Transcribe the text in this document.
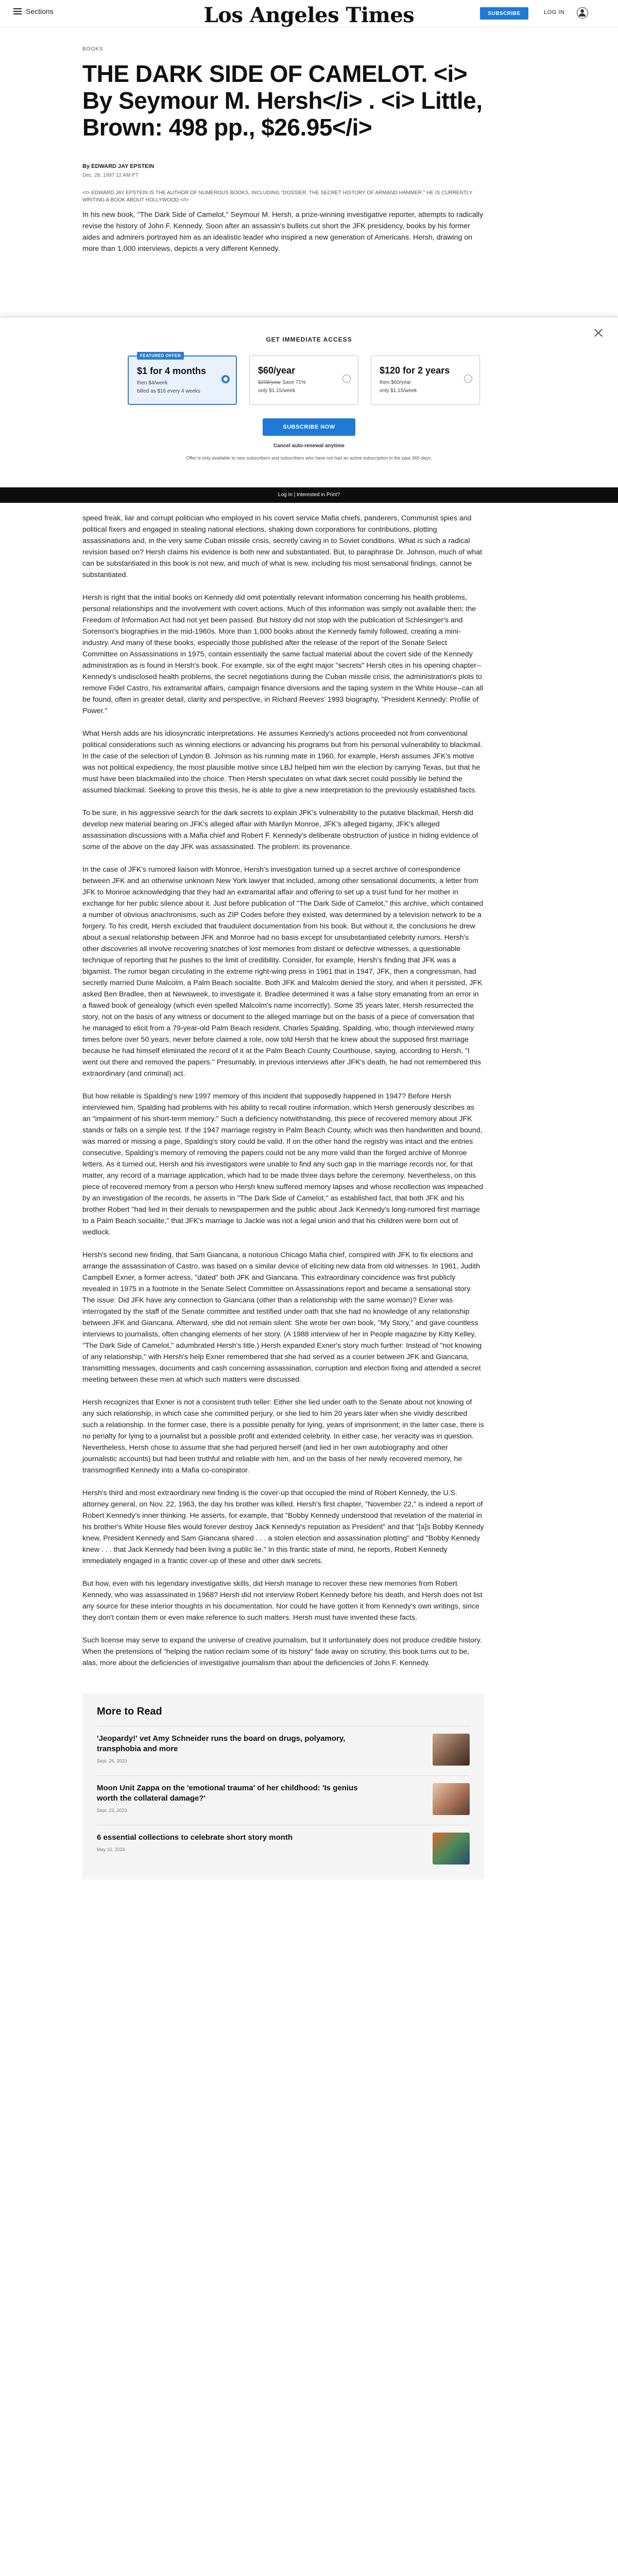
Sections	Los Angeles Times	SUBSCRIBE	LOG IN
BOOKS
THE DARK SIDE OF CAMELOT. <i> By Seymour M. Hersh</i> . <i> Little, Brown: 498 pp., $26.95</i>
By EDWARD JAY EPSTEIN
Dec. 28, 1997 12 AM PT
<I> EDWARD JAY EPSTEIN IS THE AUTHOR OF NUMEROUS BOOKS, INCLUDING "DOSSIER: THE SECRET HISTORY OF ARMAND HAMMER." HE IS CURRENTLY WRITING A BOOK ABOUT HOLLYWOOD.</I>

In his new book, "The Dark Side of Camelot," Seymour M. Hersh, a prize-winning investigative reporter, attempts to radically revise the history of John F. Kennedy. Soon after an assassin's bullets cut short the JFK presidency, books by his former aides and admirers portrayed him as an idealistic leader who inspired a new generation of Americans. Hersh, drawing on more than 1,000 interviews, depicts a very different Kennedy.

GET IMMEDIATE ACCESS
FEATURED OFFER
$1 for 4 months
then $4/week
billed as $16 every 4 weeks
$60/year
$208/year Save 71%
only $1.15/week
$120 for 2 years
then $60/year
only $1.15/week
SUBSCRIBE NOW
Cancel auto-renewal anytime
Offer is only available to new subscribers and subscribers who have not had an active subscription in the past 365 days.
Log In | Interested in Print?

speed freak, liar and corrupt politician who employed in his covert service Mafia chiefs, panderers, Communist spies and political fixers and engaged in stealing national elections, shaking down corporations for contributions, plotting assassinations and, in the very same Cuban missile crisis, secretly caving in to Soviet conditions. What is such a radical revision based on? Hersh claims his evidence is both new and substantiated. But, to paraphrase Dr. Johnson, much of what can be substantiated in this book is not new, and much of what is new, including his most sensational findings, cannot be substantiated.

Hersh is right that the initial books on Kennedy did omit potentially relevant information concerning his health problems, personal relationships and the involvement with covert actions. Much of this information was simply not available then; the Freedom of Information Act had not yet been passed. But history did not stop with the publication of Schlesinger's and Sorenson's biographies in the mid-1960s. More than 1,000 books about the Kennedy family followed, creating a mini-industry. And many of these books, especially those published after the release of the report of the Senate Select Committee on Assassinations in 1975, contain essentially the same factual material about the covert side of the Kennedy administration as is found in Hersh's book. For example, six of the eight major "secrets" Hersh cites in his opening chapter--Kennedy's undisclosed health problems, the secret negotiations during the Cuban missile crisis, the administration's plots to remove Fidel Castro, his extramarital affairs, campaign finance diversions and the taping system in the White House--can all be found, often in greater detail, clarity and perspective, in Richard Reeves' 1993 biography, "President Kennedy: Profile of Power."

What Hersh adds are his idiosyncratic interpretations. He assumes Kennedy's actions proceeded not from conventional political considerations such as winning elections or advancing his programs but from his personal vulnerability to blackmail. In the case of the selection of Lyndon B. Johnson as his running mate in 1960, for example, Hersh assumes JFK's motive was not political expediency, the most plausible motive since LBJ helped him win the election by carrying Texas, but that he must have been blackmailed into the choice. Then Hersh speculates on what dark secret could possibly lie behind the assumed blackmail. Seeking to prove this thesis, he is able to give a new interpretation to the previously established facts.

To be sure, in his aggressive search for the dark secrets to explain JFK's vulnerability to the putative blackmail, Hersh did develop new material bearing on JFK's alleged affair with Marilyn Monroe, JFK's alleged bigamy, JFK's alleged assassination discussions with a Mafia chief and Robert F. Kennedy's deliberate obstruction of justice in hiding evidence of some of the above on the day JFK was assassinated. The problem: its provenance.

In the case of JFK's rumored liaison with Monroe, Hersh's investigation turned up a secret archive of correspondence between JFK and an otherwise unknown New York lawyer that included, among other sensational documents, a letter from JFK to Monroe acknowledging that they had an extramarital affair and offering to set up a trust fund for her mother in exchange for her public silence about it. Just before publication of "The Dark Side of Camelot," this archive, which contained a number of obvious anachronisms, such as ZIP Codes before they existed, was determined by a television network to be a forgery. To his credit, Hersh excluded that fraudulent documentation from his book. But without it, the conclusions he drew about a sexual relationship between JFK and Monroe had no basis except for unsubstantiated celebrity rumors. Hersh's other discoveries all involve recovering snatches of lost memories from distant or defective witnesses, a questionable technique of reporting that he pushes to the limit of credibility. Consider, for example, Hersh's finding that JFK was a bigamist. The rumor began circulating in the extreme right-wing press in 1961 that in 1947, JFK, then a congressman, had secretly married Durie Malcolm, a Palm Beach socialite. Both JFK and Malcolm denied the story, and when it persisted, JFK asked Ben Bradlee, then at Newsweek, to investigate it. Bradlee determined it was a false story emanating from an error in a flawed book of genealogy (which even spelled Malcolm's name incorrectly). Some 35 years later, Hersh resurrected the story, not on the basis of any witness or document to the alleged marriage but on the basis of a piece of conversation that he managed to elicit from a 79-year-old Palm Beach resident, Charles Spalding. Spalding, who, though interviewed many times before over 50 years, never before claimed a role, now told Hersh that he knew about the supposed first marriage because he had himself eliminated the record of it at the Palm Beach County Courthouse, saying, according to Hersh, "I went out there and removed the papers." Presumably, in previous interviews after JFK's death, he had not remembered this extraordinary (and criminal) act.

But how reliable is Spalding's new 1997 memory of this incident that supposedly happened in 1947? Before Hersh interviewed him, Spalding had problems with his ability to recall routine information, which Hersh generously describes as an "impairment of his short-term memory." Such a deficiency notwithstanding, this piece of recovered memory about JFK stands or falls on a simple test. If the 1947 marriage registry in Palm Beach County, which was then handwritten and bound, was marred or missing a page, Spalding's story could be valid. If on the other hand the registry was intact and the entries consecutive, Spalding's memory of removing the papers could not be any more valid than the forged archive of Monroe letters. As it turned out, Hersh and his investigators were unable to find any such gap in the marriage records nor, for that matter, any record of a marriage application, which had to be made three days before the ceremony. Nevertheless, on this piece of recovered memory from a person who Hersh knew suffered memory lapses and whose recollection was impeached by an investigation of the records, he asserts in "The Dark Side of Camelot," as established fact, that both JFK and his brother Robert "had lied in their denials to newspapermen and the public about Jack Kennedy's long-rumored first marriage to a Palm Beach socialite," that JFK's marriage to Jackie was not a legal union and that his children were born out of wedlock.

Hersh's second new finding, that Sam Giancana, a notorious Chicago Mafia chief, conspired with JFK to fix elections and arrange the assassination of Castro, was based on a similar device of eliciting new data from old witnesses. In 1961, Judith Campbell Exner, a former actress, "dated" both JFK and Giancana. This extraordinary coincidence was first publicly revealed in 1975 in a footnote in the Senate Select Committee on Assassinations report and became a sensational story. The issue: Did JFK have any connection to Giancana (other than a relationship with the same woman)? Exner was interrogated by the staff of the Senate committee and testified under oath that she had no knowledge of any relationship between JFK and Giancana. Afterward, she did not remain silent: She wrote her own book, "My Story," and gave countless interviews to journalists, often changing elements of her story. (A 1988 interview of her in People magazine by Kitty Kelley, "The Dark Side of Camelot," adumbrated Hersh's title.) Hersh expanded Exner's story much further: Instead of "not knowing of any relationship," with Hersh's help Exner remembered that she had served as a courier between JFK and Giancana, transmitting messages, documents and cash concerning assassination, corruption and election fixing and attended a secret meeting between these men at which such matters were discussed.

Hersh recognizes that Exner is not a consistent truth teller: Either she lied under oath to the Senate about not knowing of any such relationship, in which case she committed perjury, or she lied to him 20 years later when she vividly described such a relationship. In the former case, there is a possible penalty for lying, years of imprisonment; in the latter case, there is no penalty for lying to a journalist but a possible profit and extended celebrity. In either case, her veracity was in question. Nevertheless, Hersh chose to assume that she had perjured herself (and lied in her own autobiography and other journalistic accounts) but had been truthful and reliable with him, and on the basis of her newly recovered memory, he transmogrified Kennedy into a Mafia co-conspirator.

Hersh's third and most extraordinary new finding is the cover-up that occupied the mind of Robert Kennedy, the U.S. attorney general, on Nov. 22, 1963, the day his brother was killed. Hersh's first chapter, "November 22," is indeed a report of Robert Kennedy's inner thinking. He asserts, for example, that "Bobby Kennedy understood that revelation of the material in his brother's White House files would forever destroy Jack Kennedy's reputation as President" and that "[a]s Bobby Kennedy knew, President Kennedy and Sam Giancana shared . . . a stolen election and assassination plotting" and "Bobby Kennedy knew . . . that Jack Kennedy had been living a public lie." In this frantic state of mind, he reports, Robert Kennedy immediately engaged in a frantic cover-up of these and other dark secrets.

But how, even with his legendary investigative skills, did Hersh manage to recover these new memories from Robert Kennedy, who was assassinated in 1968? Hersh did not interview Robert Kennedy before his death, and Hersh does not list any source for these interior thoughts in his documentation. Nor could he have gotten it from Kennedy's own writings, since they don't contain them or even make reference to such matters. Hersh must have invented these facts.

Such license may serve to expand the universe of creative journalism, but it unfortunately does not produce credible history. When the pretensions of "helping the nation reclaim some of its history" fade away on scrutiny, this book turns out to be, alas, more about the deficiencies of investigative journalism than about the deficiencies of John F. Kennedy.

More to Read
'Jeopardy!' vet Amy Schneider runs the board on drugs, polyamory, transphobia and more
Sept. 26, 2023
Moon Unit Zappa on the 'emotional trauma' of her childhood: 'Is genius worth the collateral damage?'
Sept. 23, 2023
6 essential collections to celebrate short story month
May 10, 2024
